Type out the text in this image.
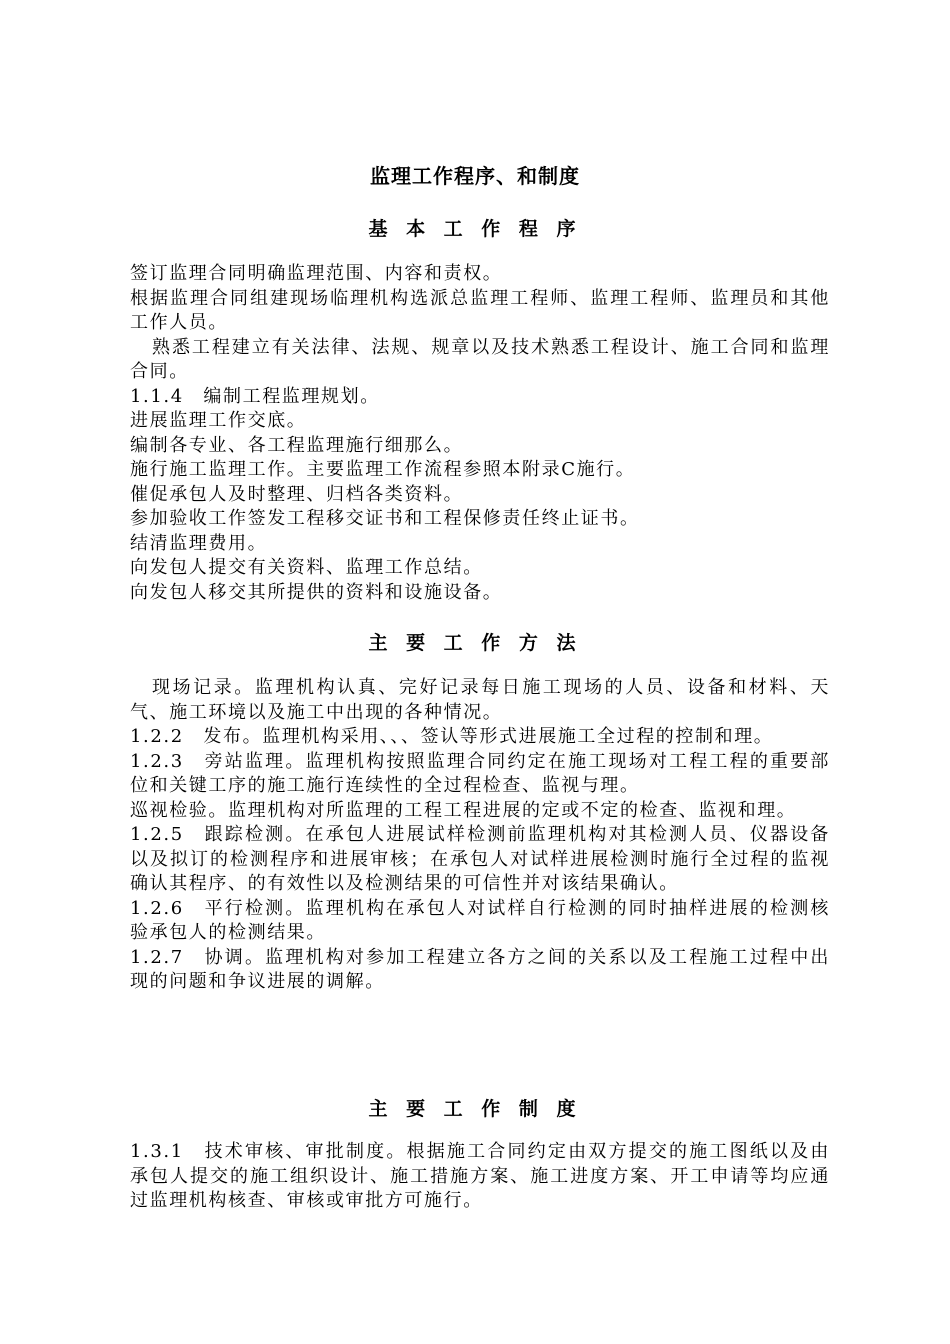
监理工作程序、和制度
基 本 工 作 程 序

签订监理合同明确监理范围、内容和责权。

根据监理合同组建现场临理机构选派总监理工程师、监理工程师、监理员和其他工作人员。

熟悉工程建立有关法律、法规、规章以及技术熟悉工程设计、施工合同和监理合同。

1.1.4　编制工程监理规划。

进展监理工作交底。

编制各专业、各工程监理施行细那么。

施行施工监理工作。主要监理工作流程参照本附录C施行。

催促承包人及时整理、归档各类资料。

参加验收工作签发工程移交证书和工程保修责任终止证书。

结清监理费用。

向发包人提交有关资料、监理工作总结。

向发包人移交其所提供的资料和设施设备。

主 要 工 作 方 法

现场记录。监理机构认真、完好记录每日施工现场的人员、设备和材料、天气、施工环境以及施工中出现的各种情况。

1.2.2　发布。监理机构采用、、、签认等形式进展施工全过程的控制和理。

1.2.3　旁站监理。监理机构按照监理合同约定在施工现场对工程工程的重要部位和关键工序的施工施行连续性的全过程检查、监视与理。

巡视检验。监理机构对所监理的工程工程进展的定或不定的检查、监视和理。

1.2.5　跟踪检测。在承包人进展试样检测前监理机构对其检测人员、仪器设备以及拟订的检测程序和进展审核；在承包人对试样进展检测时施行全过程的监视确认其程序、的有效性以及检测结果的可信性并对该结果确认。

1.2.6　平行检测。监理机构在承包人对试样自行检测的同时抽样进展的检测核验承包人的检测结果。

1.2.7　协调。监理机构对参加工程建立各方之间的关系以及工程施工过程中出现的问题和争议进展的调解。

主 要 工 作 制 度

1.3.1　技术审核、审批制度。根据施工合同约定由双方提交的施工图纸以及由承包人提交的施工组织设计、施工措施方案、施工进度方案、开工申请等均应通过监理机构核查、审核或审批方可施行。
